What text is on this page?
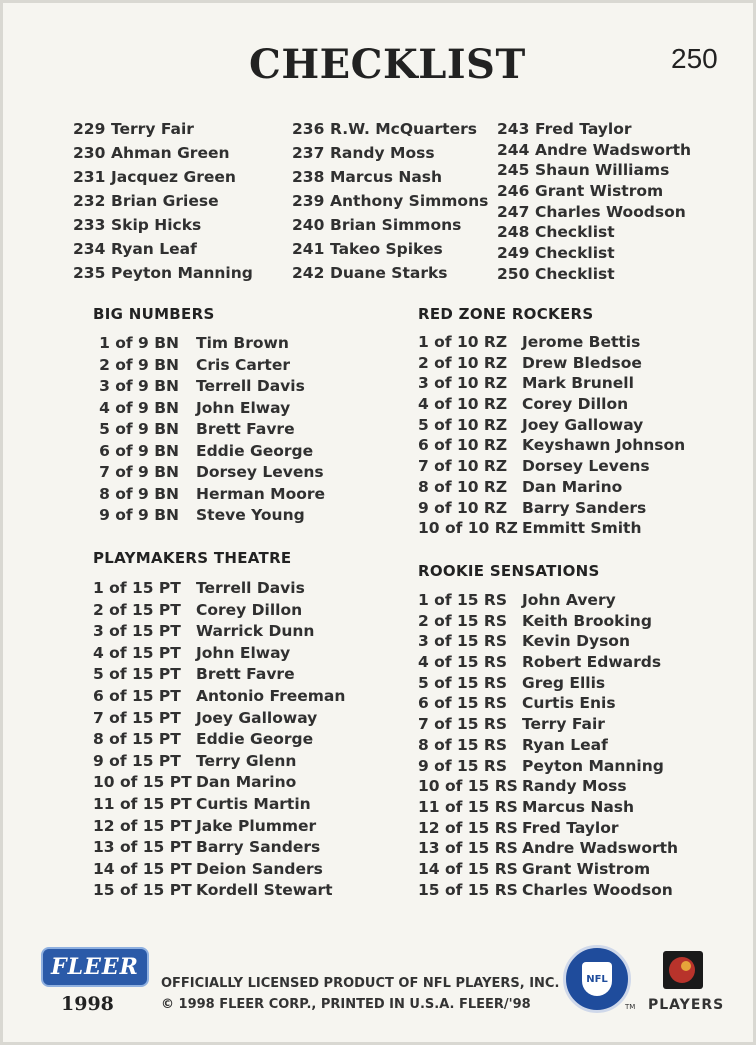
CHECKLIST	250
229 Terry Fair
230 Ahman Green
231 Jacquez Green
232 Brian Griese
233 Skip Hicks
234 Ryan Leaf
235 Peyton Manning
236 R.W. McQuarters
237 Randy Moss
238 Marcus Nash
239 Anthony Simmons
240 Brian Simmons
241 Takeo Spikes
242 Duane Starks
243 Fred Taylor
244 Andre Wadsworth
245 Shaun Williams
246 Grant Wistrom
247 Charles Woodson
248 Checklist
249 Checklist
250 Checklist
BIG NUMBERS
1 of 9 BN Tim Brown
2 of 9 BN Cris Carter
3 of 9 BN Terrell Davis
4 of 9 BN John Elway
5 of 9 BN Brett Favre
6 of 9 BN Eddie George
7 of 9 BN Dorsey Levens
8 of 9 BN Herman Moore
9 of 9 BN Steve Young
PLAYMAKERS THEATRE
1 of 15 PT Terrell Davis
2 of 15 PT Corey Dillon
3 of 15 PT Warrick Dunn
4 of 15 PT John Elway
5 of 15 PT Brett Favre
6 of 15 PT Antonio Freeman
7 of 15 PT Joey Galloway
8 of 15 PT Eddie George
9 of 15 PT Terry Glenn
10 of 15 PT Dan Marino
11 of 15 PT Curtis Martin
12 of 15 PT Jake Plummer
13 of 15 PT Barry Sanders
14 of 15 PT Deion Sanders
15 of 15 PT Kordell Stewart
RED ZONE ROCKERS
1 of 10 RZ Jerome Bettis
2 of 10 RZ Drew Bledsoe
3 of 10 RZ Mark Brunell
4 of 10 RZ Corey Dillon
5 of 10 RZ Joey Galloway
6 of 10 RZ Keyshawn Johnson
7 of 10 RZ Dorsey Levens
8 of 10 RZ Dan Marino
9 of 10 RZ Barry Sanders
10 of 10 RZ Emmitt Smith
ROOKIE SENSATIONS
1 of 15 RS John Avery
2 of 15 RS Keith Brooking
3 of 15 RS Kevin Dyson
4 of 15 RS Robert Edwards
5 of 15 RS Greg Ellis
6 of 15 RS Curtis Enis
7 of 15 RS Terry Fair
8 of 15 RS Ryan Leaf
9 of 15 RS Peyton Manning
10 of 15 RS Randy Moss
11 of 15 RS Marcus Nash
12 of 15 RS Fred Taylor
13 of 15 RS Andre Wadsworth
14 of 15 RS Grant Wistrom
15 of 15 RS Charles Woodson
FLEER
1998
OFFICIALLY LICENSED PRODUCT OF NFL PLAYERS, INC.
© 1998 FLEER CORP., PRINTED IN U.S.A. FLEER/'98
NFL
TM PLAYERS
